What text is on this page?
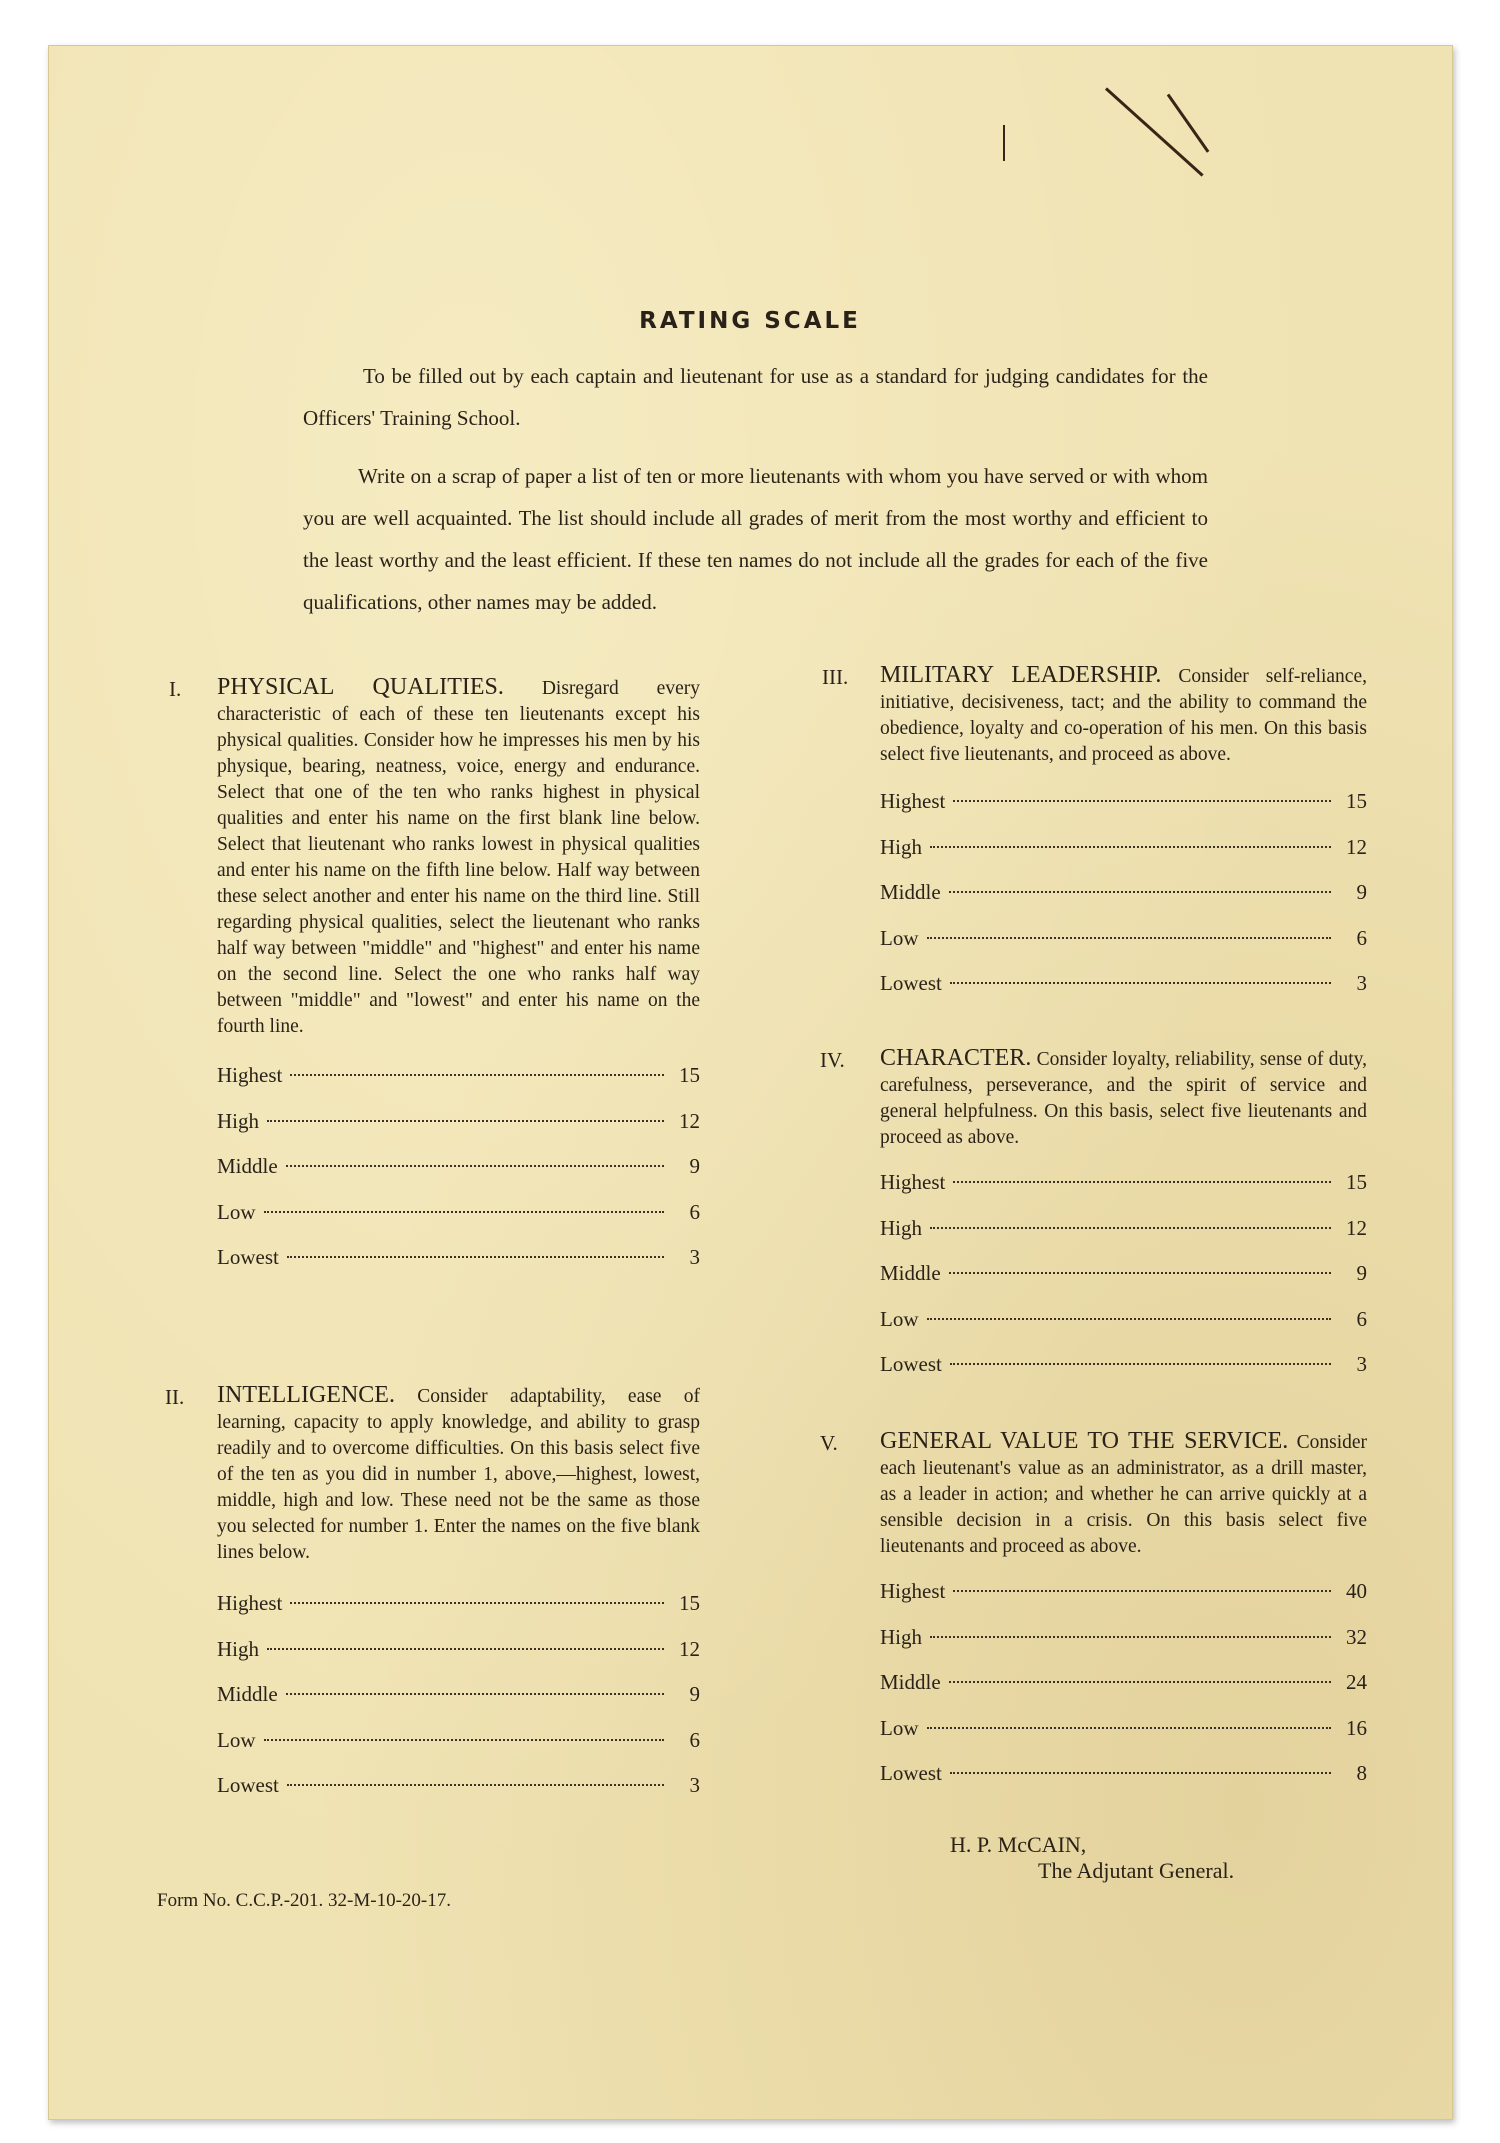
RATING SCALE
To be filled out by each captain and lieutenant for use as a standard for judging candidates for the Officers' Training School.
Write on a scrap of paper a list of ten or more lieutenants with whom you have served or with whom you are well acquainted. The list should include all grades of merit from the most worthy and efficient to the least worthy and the least efficient. If these ten names do not include all the grades for each of the five qualifications, other names may be added.
I. PHYSICAL QUALITIES. Disregard every characteristic of each of these ten lieutenants except his physical qualities. Consider how he impresses his men by his physique, bearing, neatness, voice, energy and endurance. Select that one of the ten who ranks highest in physical qualities and enter his name on the first blank line below. Select that lieutenant who ranks lowest in physical qualities and enter his name on the fifth line below. Half way between these select another and enter his name on the third line. Still regarding physical qualities, select the lieutenant who ranks half way between "middle" and "highest" and enter his name on the second line. Select the one who ranks half way between "middle" and "lowest" and enter his name on the fourth line.
Highest	15
High	12
Middle	9
Low	6
Lowest	3
II. INTELLIGENCE. Consider adaptability, ease of learning, capacity to apply knowledge, and ability to grasp readily and to overcome difficulties. On this basis select five of the ten as you did in number 1, above,—highest, lowest, middle, high and low. These need not be the same as those you selected for number 1. Enter the names on the five blank lines below.
Highest	15
High	12
Middle	9
Low	6
Lowest	3
III. MILITARY LEADERSHIP. Consider self-reliance, initiative, decisiveness, tact; and the ability to command the obedience, loyalty and co-operation of his men. On this basis select five lieutenants, and proceed as above.
Highest	15
High	12
Middle	9
Low	6
Lowest	3
IV. CHARACTER. Consider loyalty, reliability, sense of duty, carefulness, perseverance, and the spirit of service and general helpfulness. On this basis, select five lieutenants and proceed as above.
Highest	15
High	12
Middle	9
Low	6
Lowest	3
V. GENERAL VALUE TO THE SERVICE. Consider each lieutenant's value as an administrator, as a drill master, as a leader in action; and whether he can arrive quickly at a sensible decision in a crisis. On this basis select five lieutenants and proceed as above.
Highest	40
High	32
Middle	24
Low	16
Lowest	8
H. P. McCAIN,
The Adjutant General.
Form No. C.C.P.-201. 32-M-10-20-17.
